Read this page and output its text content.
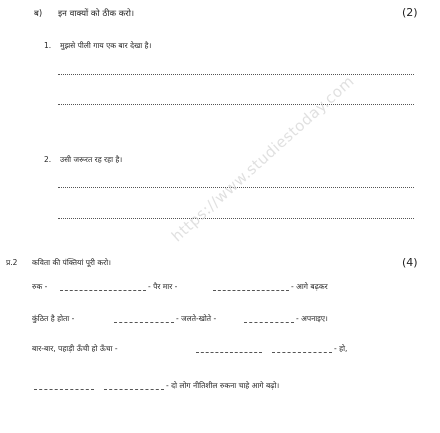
ब) इन वाक्यों को ठीक करो।	(2)
1. मुझसे पीली गाय एक बार देखा है।
2. उसी जरूरत रह रहा है।	https://www.studiestoday.com
प्र.2 कविता की पंक्तियां पूरी करो।	(4)
रुक -	- पैर मार -	- आगे बढ़कर
कुंठित है होता -	- जलते-खोते -	- अपनाइए।
बार-बार, पहाड़ी ऊँची हो ऊँचा -	- हो,
- दो लोग नीतिशील रुकना चाहे आगे बढ़ो।
